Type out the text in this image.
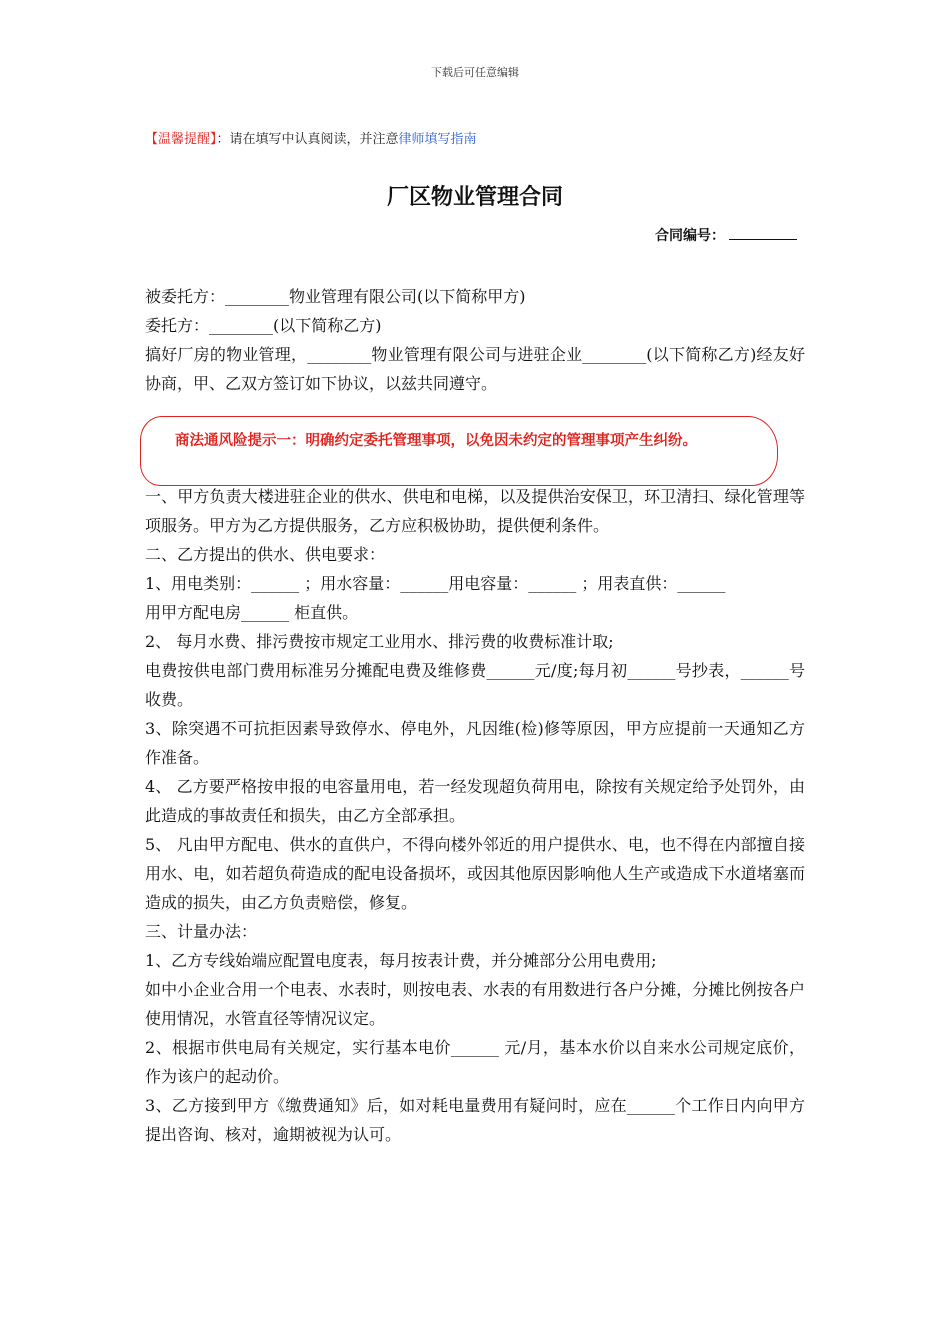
下载后可任意编辑
【温馨提醒】：请在填写中认真阅读，并注意律师填写指南
厂区物业管理合同
合同编号：

被委托方：________物业管理有限公司(以下简称甲方)

委托方：________(以下简称乙方)

搞好厂房的物业管理，________物业管理有限公司与进驻企业________(以下简称乙方)经友好协商，甲、乙双方签订如下协议，以兹共同遵守。

商法通风险提示一：明确约定委托管理事项，以免因未约定的管理事项产生纠纷。

一、甲方负责大楼进驻企业的供水、供电和电梯，以及提供治安保卫，环卫清扫、绿化管理等项服务。甲方为乙方提供服务，乙方应积极协助，提供便利条件。

二、乙方提出的供水、供电要求：

1、用电类别：______ ；用水容量：______用电容量：______ ；用表直供：______

用甲方配电房______ 柜直供。

2、 每月水费、排污费按市规定工业用水、排污费的收费标准计取;

电费按供电部门费用标准另分摊配电费及维修费______元/度;每月初______号抄表，______号收费。

3、除突遇不可抗拒因素导致停水、停电外，凡因维(检)修等原因，甲方应提前一天通知乙方作准备。

4、 乙方要严格按申报的电容量用电，若一经发现超负荷用电，除按有关规定给予处罚外，由此造成的事故责任和损失，由乙方全部承担。

5、 凡由甲方配电、供水的直供户，不得向楼外邻近的用户提供水、电，也不得在内部擅自接用水、电，如若超负荷造成的配电设备损坏，或因其他原因影响他人生产或造成下水道堵塞而造成的损失，由乙方负责赔偿，修复。

三、计量办法：

1、乙方专线始端应配置电度表，每月按表计费，并分摊部分公用电费用;

如中小企业合用一个电表、水表时，则按电表、水表的有用数进行各户分摊，分摊比例按各户使用情况，水管直径等情况议定。

2、根据市供电局有关规定，实行基本电价______ 元/月，基本水价以自来水公司规定底价，作为该户的起动价。

3、乙方接到甲方《缴费通知》后，如对耗电量费用有疑问时，应在______个工作日内向甲方提出咨询、核对，逾期被视为认可。
